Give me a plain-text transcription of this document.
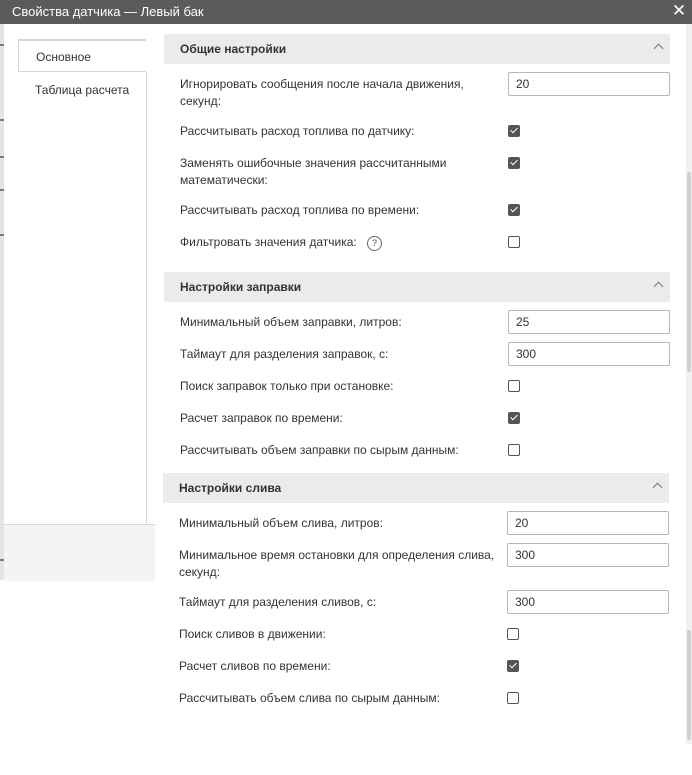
Свойства датчика — Левый бак	✕
Основное
Таблица расчета
Общие настройки
Игнорировать сообщения после начала движения, секунд:
20
Рассчитывать расход топлива по датчику:
Заменять ошибочные значения рассчитанными математически:
Рассчитывать расход топлива по времени:
Фильтровать значения датчика:	?
Настройки заправки
Минимальный объем заправки, литров:
25
Таймаут для разделения заправок, с:
300
Поиск заправок только при остановке:
Расчет заправок по времени:
Рассчитывать объем заправки по сырым данным:
Настройки слива
Минимальный объем слива, литров:
20
Минимальное время остановки для определения слива, секунд:
300
Таймаут для разделения сливов, с:
300
Поиск сливов в движении:
Расчет сливов по времени:
Рассчитывать объем слива по сырым данным:
